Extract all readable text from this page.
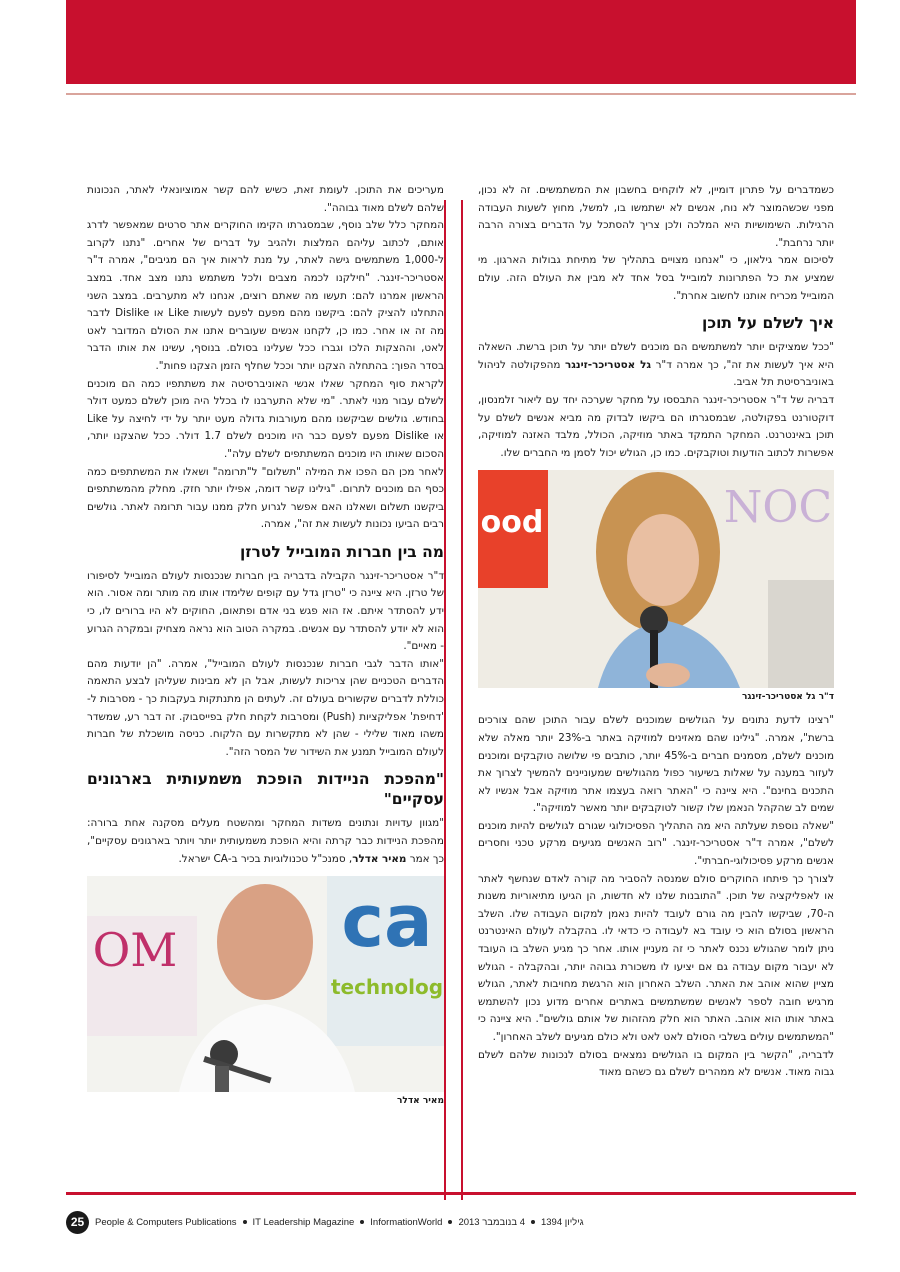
כשמדברים על פתרון דומיין, לא לוקחים בחשבון את המשתמשים. זה לא נכון, מפני שכשהמוצר לא נוח, אנשים לא ישתמשו בו, למשל, מחוץ לשעות העבודה הרגילות. השימושיות היא המלכה ולכן צריך להסתכל על הדברים בצורה הרבה יותר נרחבת".

לסיכום אמר גילאון, כי "אנחנו מצויים בתהליך של מתיחת גבולות הארגון. מי שמציע את כל הפתרונות למובייל בסל אחד לא מבין את העולם הזה. עולם המובייל מכריח אותנו לחשוב אחרת".

איך לשלם על תוכן

"ככל שמציקים יותר למשתמשים הם מוכנים לשלם יותר על תוכן ברשת. השאלה היא איך לעשות את זה", כך אמרה ד"ר גל אסטריכר-זינגר מהפקולטה לניהול באוניברסיטת תל אביב.

דבריה של ד"ר אסטריכר-זינגר התבססו על מחקר שערכה יחד עם ליאור זלמנסון, דוקטורנט בפקולטה, שבמסגרתו הם ביקשו לבדוק מה מביא אנשים לשלם על תוכן באינטרנט. המחקר התמקד באתר מוזיקה, הכולל, מלבד האזנה למוזיקה, אפשרות לכתוב הודעות וטוקבקים. כמו כן, הגולש יכול לסמן מי החברים שלו.

ood	NOC
ד"ר גל אסטריכר-זינגר

"רצינו לדעת נתונים על הגולשים שמוכנים לשלם עבור התוכן שהם צורכים ברשת", אמרה. "גילינו שהם מאזינים למוזיקה באתר ב-23% יותר מאלה שלא מוכנים לשלם, מסמנים חברים ב-45% יותר, כותבים פי שלושה טוקבקים ומוכנים לעזור במענה על שאלות בשיעור כפול מהגולשים שמעוניינים להמשיך לצרוך את התכנים בחינם". היא ציינה כי "האתר רואה בעצמו אתר מוזיקה אבל אנשיו לא שמים לב שהקהל הנאמן שלו קשור לטוקבקים יותר מאשר למוזיקה".

"שאלה נוספת שעלתה היא מה התהליך הפסיכולוגי שגורם לגולשים להיות מוכנים לשלם", אמרה ד"ר אסטריכר-זינגר. "רוב האנשים מגיעים מרקע טכני וחסרים אנשים מרקע פסיכולוגי-חברתי".

לצורך כך פיתחו החוקרים סולם שמנסה להסביר מה קורה לאדם שנחשף לאתר או לאפליקציה של תוכן. "התובנות שלנו לא חדשות, הן הגיעו מתיאוריות משנות ה-70, שביקשו להבין מה גורם לעובד להיות נאמן למקום העבודה שלו. השלב הראשון בסולם הוא כי עובד בא לעבודה כי כדאי לו. בהקבלה לעולם האינטרנט ניתן לומר שהגולש נכנס לאתר כי זה מעניין אותו. אחר כך מגיע השלב בו העובד לא יעבור מקום עבודה גם אם יציעו לו משכורת גבוהה יותר, ובהקבלה - הגולש מציין שהוא אוהב את האתר. השלב האחרון הוא הרגשת מחויבות לאתר, הגולש מרגיש חובה לספר לאנשים שמשתמשים באתרים אחרים מדוע נכון להשתמש באתר אותו הוא אוהב. האתר הוא חלק מהזהות של אותם גולשים". היא ציינה כי "המשתמשים עולים בשלבי הסולם לאט לאט ולא כולם מגיעים לשלב האחרון".

לדבריה, "הקשר בין המקום בו הגולשים נמצאים בסולם לנכונות שלהם לשלם גבוה מאוד. אנשים לא ממהרים לשלם גם כשהם מאוד

מעריכים את התוכן. לעומת זאת, כשיש להם קשר אמוציונאלי לאתר, הנכונות שלהם לשלם מאוד גבוהה".

המחקר כלל שלב נוסף, שבמסגרתו הקימו החוקרים אתר סרטים שמאפשר לדרג אותם, לכתוב עליהם המלצות ולהגיב על דברים של אחרים. "נתנו לקרוב ל-1,000 משתמשים גישה לאתר, על מנת לראות איך הם מגיבים", אמרה ד"ר אסטריכר-זינגר. "חילקנו לכמה מצבים ולכל משתמש נתנו מצב אחד. במצב הראשון אמרנו להם: תעשו מה שאתם רוצים, אנחנו לא מתערבים. במצב השני התחלנו להציק להם: ביקשנו מהם מפעם לפעם לעשות Like או Dislike לדבר מה זה או אחר. כמו כן, לקחנו אנשים שעוברים אתנו את הסולם המדובר לאט לאט, וההצקות הלכו וגברו ככל שעלינו בסולם. בנוסף, עשינו את אותו הדבר בסדר הפוך: בהתחלה הצקנו יותר וככל שחלף הזמן הצקנו פחות".

לקראת סוף המחקר שאלו אנשי האוניברסיטה את משתתפיו כמה הם מוכנים לשלם עבור מנוי לאתר. "מי שלא התערבנו לו בכלל היה מוכן לשלם כמעט דולר בחודש. גולשים שביקשנו מהם מעורבות גדולה מעט יותר על ידי לחיצה על Like או Dislike מפעם לפעם כבר היו מוכנים לשלם 1.7 דולר. ככל שהצקנו יותר, הסכום שאותו היו מוכנים המשתתפים לשלם עלה".

לאחר מכן הם הפכו את המילה "תשלום" ל"תרומה" ושאלו את המשתתפים כמה כסף הם מוכנים לתרום. "גילינו קשר דומה, אפילו יותר חזק. מחלק מהמשתתפים ביקשנו תשלום ושאלנו האם אפשר לגרוע חלק ממנו עבור תרומה לאתר. גולשים רבים הביעו נכונות לעשות את זה", אמרה.

מה בין חברות המובייל לטרזן

ד"ר אסטריכר-זינגר הקבילה בדבריה בין חברות שנכנסות לעולם המובייל לסיפורו של טרזן. היא ציינה כי "טרזן גדל עם קופים שלימדו אותו מה מותר ומה אסור. הוא ידע להסתדר איתם. אז הוא פגש בני אדם ופתאום, החוקים לא היו ברורים לו, כי הוא לא יודע להסתדר עם אנשים. במקרה הטוב הוא נראה מצחיק ובמקרה הגרוע - מאיים".

"אותו הדבר לגבי חברות שנכנסות לעולם המובייל", אמרה. "הן יודעות מהם הדברים הטכניים שהן צריכות לעשות, אבל הן לא מבינות שעליהן לבצע התאמה כוללת לדברים שקשורים בעולם זה. לעתים הן מתנתקות בעקבות כך - מסרבות ל-'דחיפת' אפליקציות (Push) ומסרבות לקחת חלק בפייסבוק. זה דבר רע, שמשדר משהו מאוד שלילי - שהן לא מתקשרות עם הלקוח. כניסה מושכלת של חברות לעולם המובייל תמנע את השידור של המסר הזה".

"מהפכת הניידות הופכת משמעותית בארגונים עסקיים"

"מגוון עדויות ונתונים משדות המחקר ומהשטח מעלים מסקנה אחת ברורה: מהפכת הניידות כבר קרתה והיא הופכת משמעותית יותר ויותר בארגונים עסקיים", כך אמר מאיר אדלר, סמנכ"ל טכנולוגיות בכיר ב-CA ישראל.

OM ca
technolog
מאיר אדלר
25	People & Computers Publications IT Leadership Magazine InformationWorld 4 בנובמבר 2013 גיליון 1394
